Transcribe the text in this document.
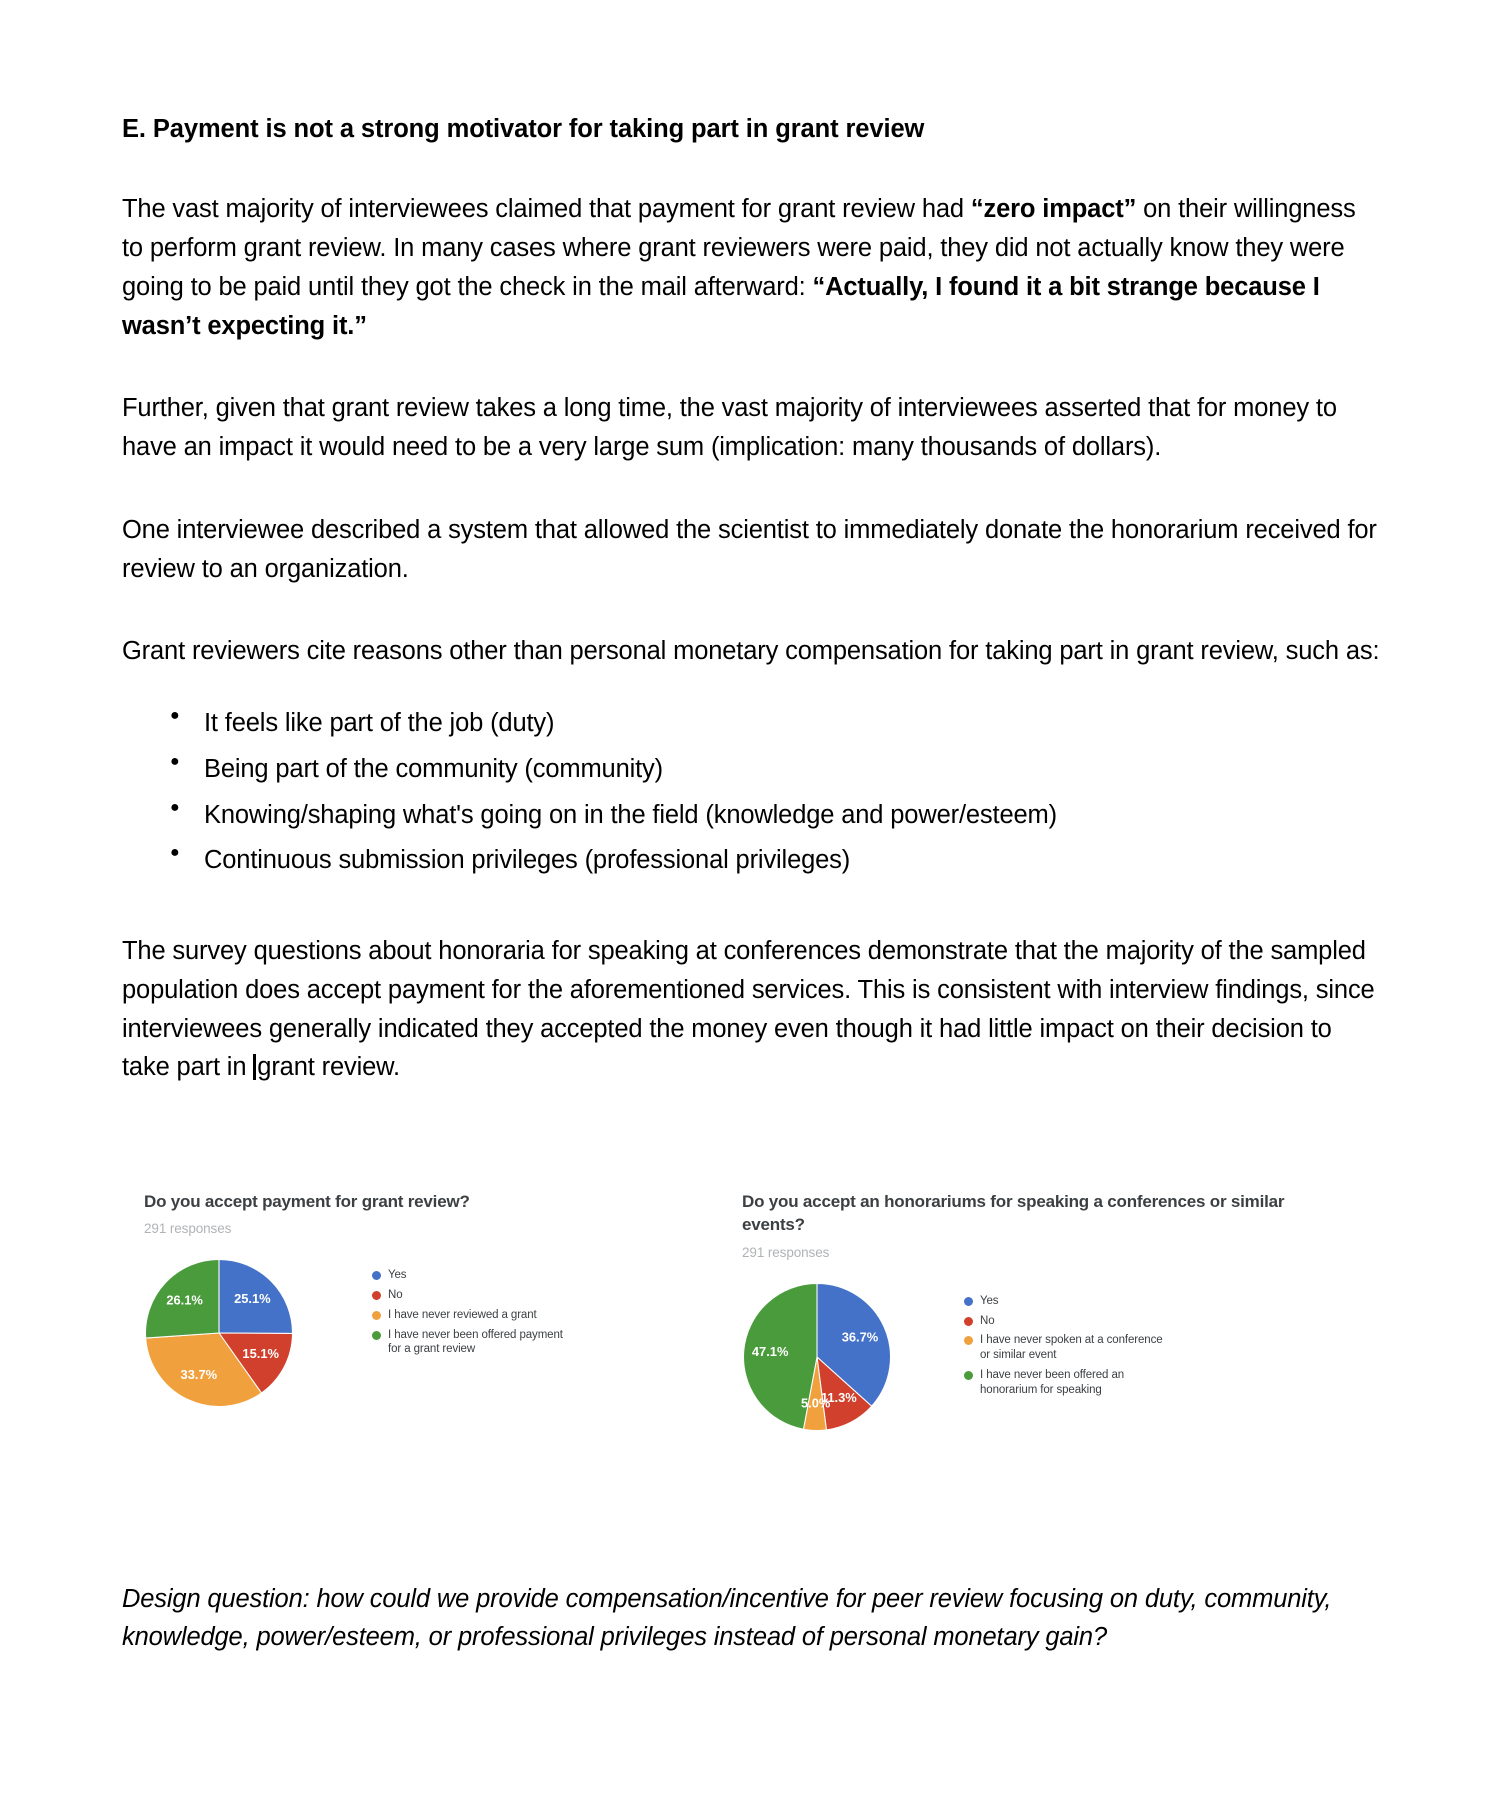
E. Payment is not a strong motivator for taking part in grant review

The vast majority of interviewees claimed that payment for grant review had “zero impact” on their willingness to perform grant review. In many cases where grant reviewers were paid, they did not actually know they were going to be paid until they got the check in the mail afterward: “Actually, I found it a bit strange because I wasn’t expecting it.”

Further, given that grant review takes a long time, the vast majority of interviewees asserted that for money to have an impact it would need to be a very large sum (implication: many thousands of dollars).

One interviewee described a system that allowed the scientist to immediately donate the honorarium received for review to an organization.

Grant reviewers cite reasons other than personal monetary compensation for taking part in grant review, such as:

● It feels like part of the job (duty)
● Being part of the community (community)
● Knowing/shaping what's going on in the field (knowledge and power/esteem)
● Continuous submission privileges (professional privileges)

The survey questions about honoraria for speaking at conferences demonstrate that the majority of the sampled population does accept payment for the aforementioned services. This is consistent with interview findings, since interviewees generally indicated they accepted the money even though it had little impact on their decision to take part in grant review.

Do you accept payment for grant review?
291 responses
25.1%
15.1%
33.7%
26.1%
Yes
No
I have never reviewed a grant
I have never been offered payment for a grant review
Do you accept an honorariums for speaking a conferences or similar events?
291 responses
36.7%
11.3%
5.0%
47.1%
Yes
No
I have never spoken at a conference or similar event
I have never been offered an honorarium for speaking

Design question: how could we provide compensation/incentive for peer review focusing on duty, community, knowledge, power/esteem, or professional privileges instead of personal monetary gain?
